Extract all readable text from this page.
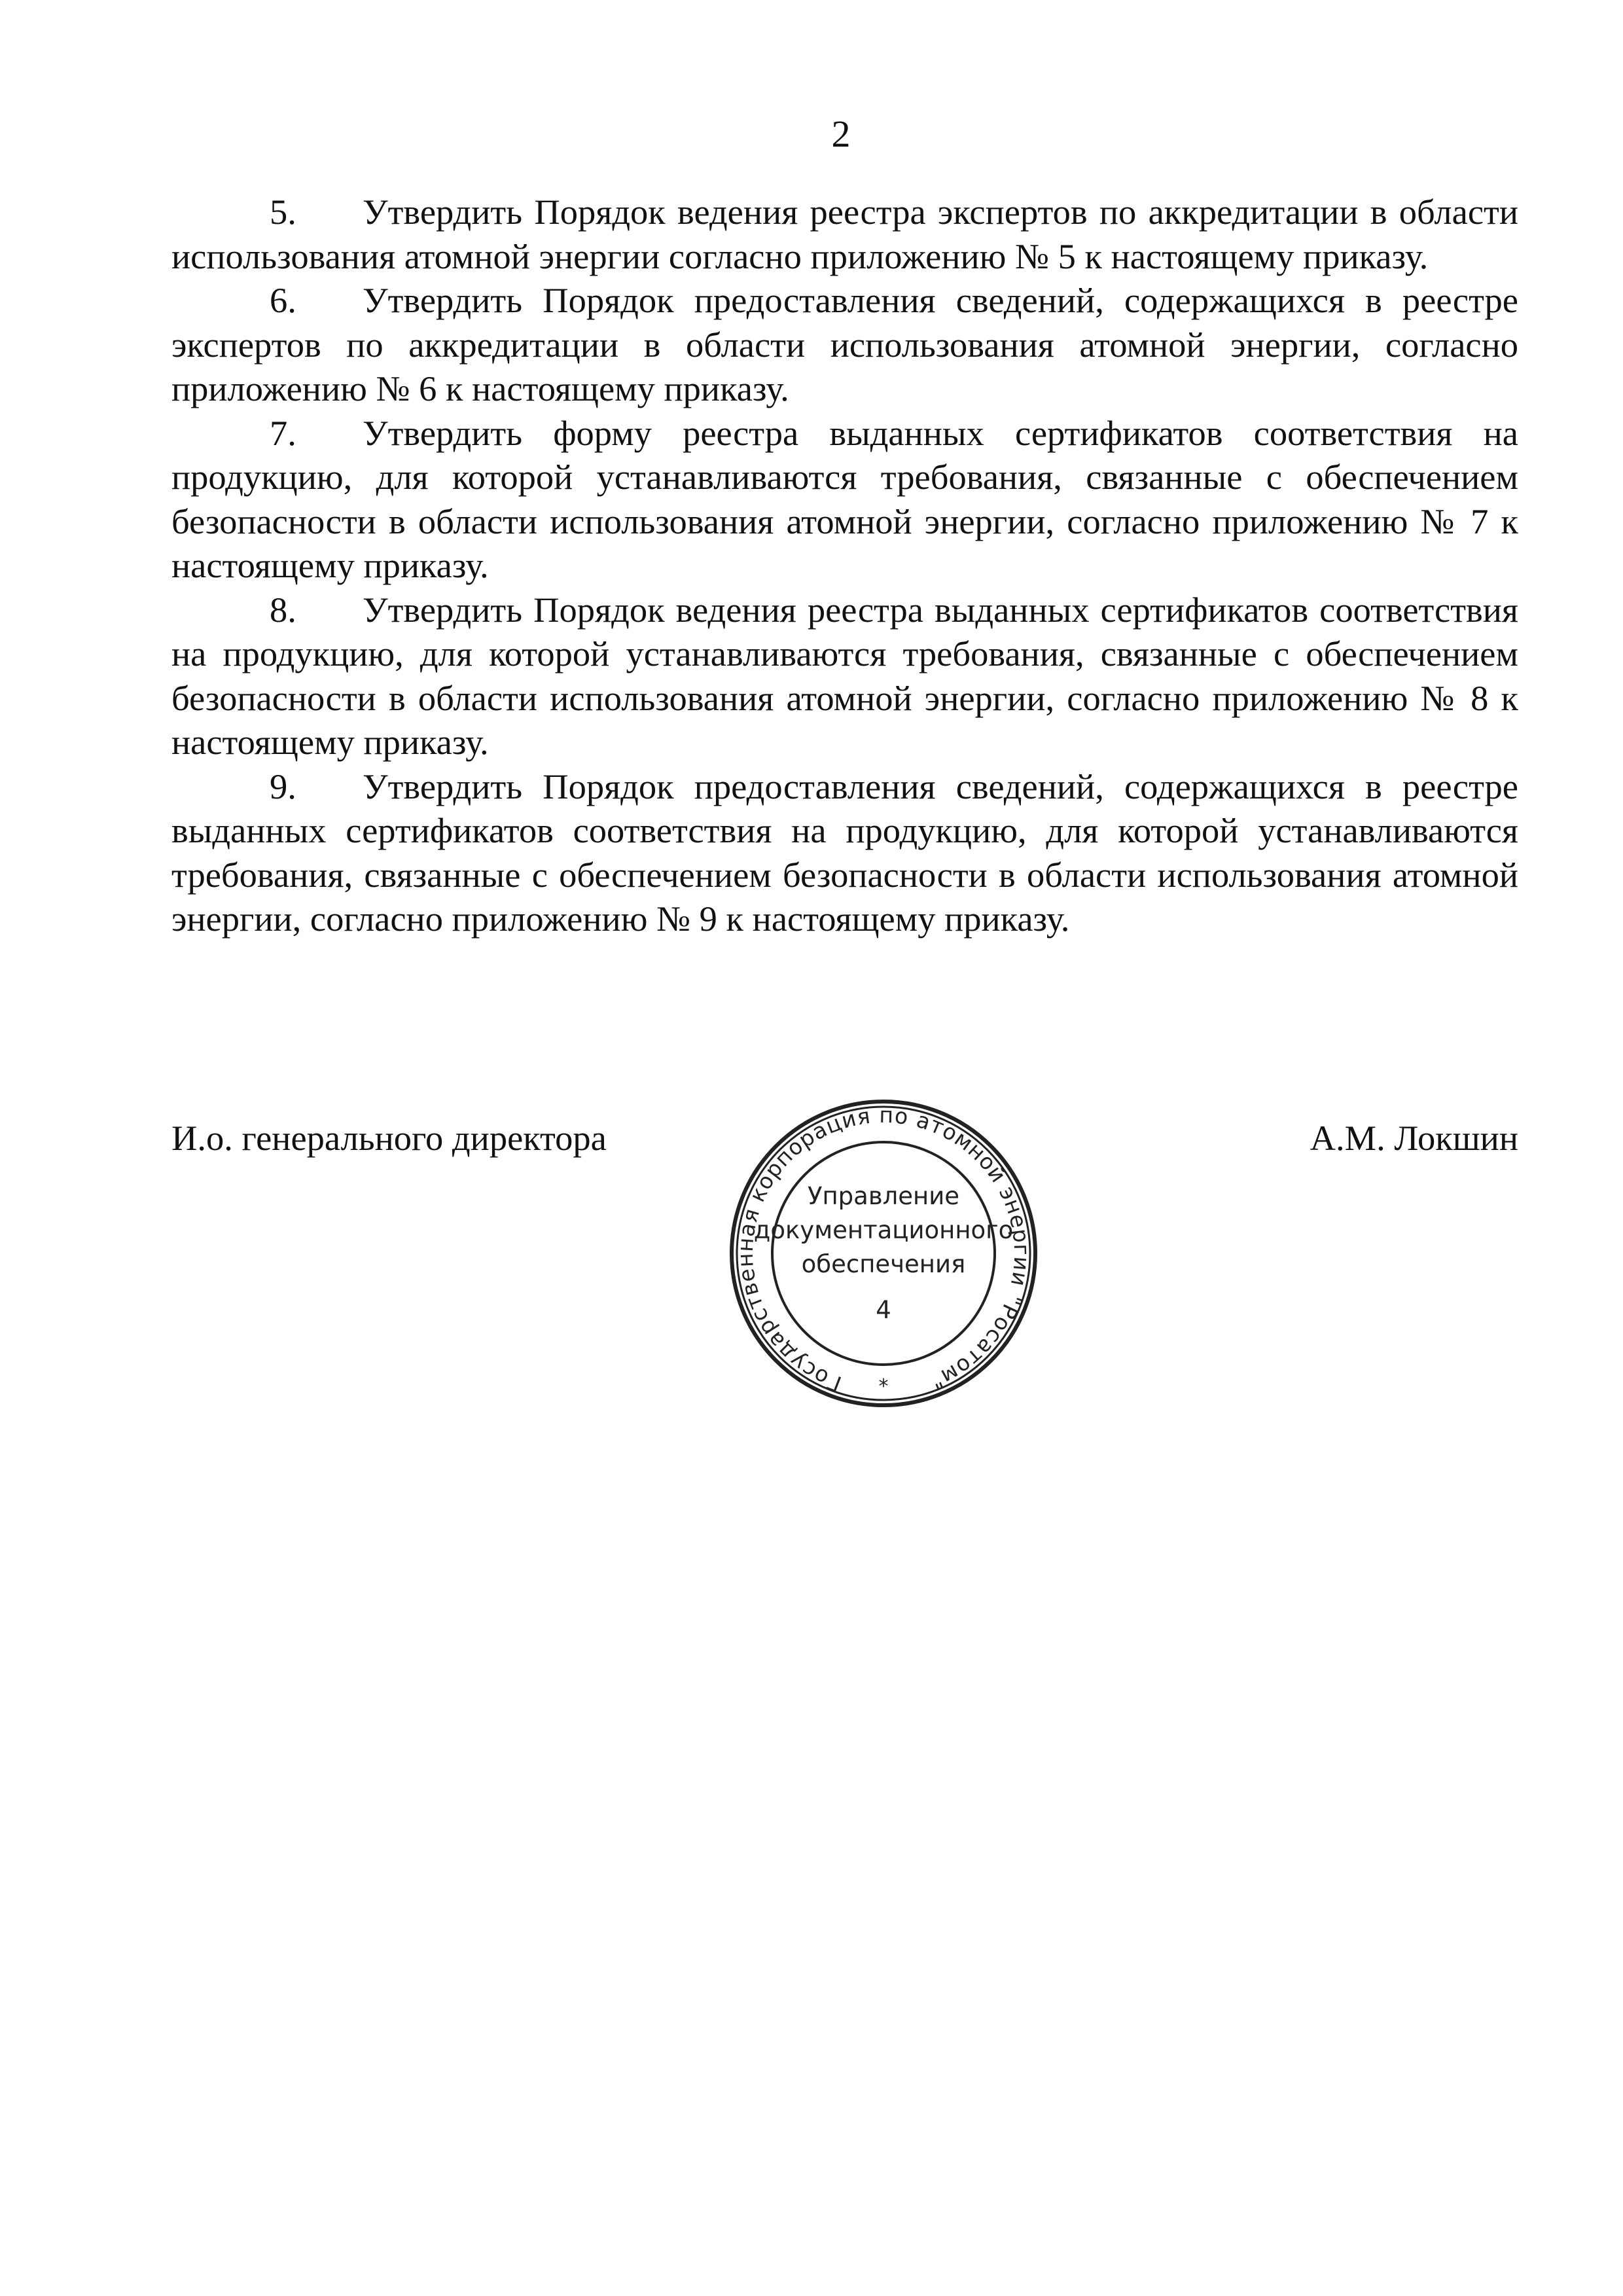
2

5. Утвердить Порядок ведения реестра экспертов по аккредитации в области использования атомной энергии согласно приложению № 5 к настоящему приказу.

6. Утвердить Порядок предоставления сведений, содержащихся в реестре экспертов по аккредитации в области использования атомной энергии, согласно приложению № 6 к настоящему приказу.

7. Утвердить форму реестра выданных сертификатов соответствия на продукцию, для которой устанавливаются требования, связанные с обеспечением безопасности в области использования атомной энергии, согласно приложению № 7 к настоящему приказу.

8. Утвердить Порядок ведения реестра выданных сертификатов соответствия на продукцию, для которой устанавливаются требования, связанные с обеспечением безопасности в области использования атомной энергии, согласно приложению № 8 к настоящему приказу.

9. Утвердить Порядок предоставления сведений, содержащихся в реестре выданных сертификатов соответствия на продукцию, для которой устанавливаются требования, связанные с обеспечением безопасности в области использования атомной энергии, согласно приложению № 9 к настоящему приказу.

И.о. генерального директора	А.М. Локшин
Государственная корпорация по атомной энергии "Росатом"
Управление
документационного
обеспечения
4
*
